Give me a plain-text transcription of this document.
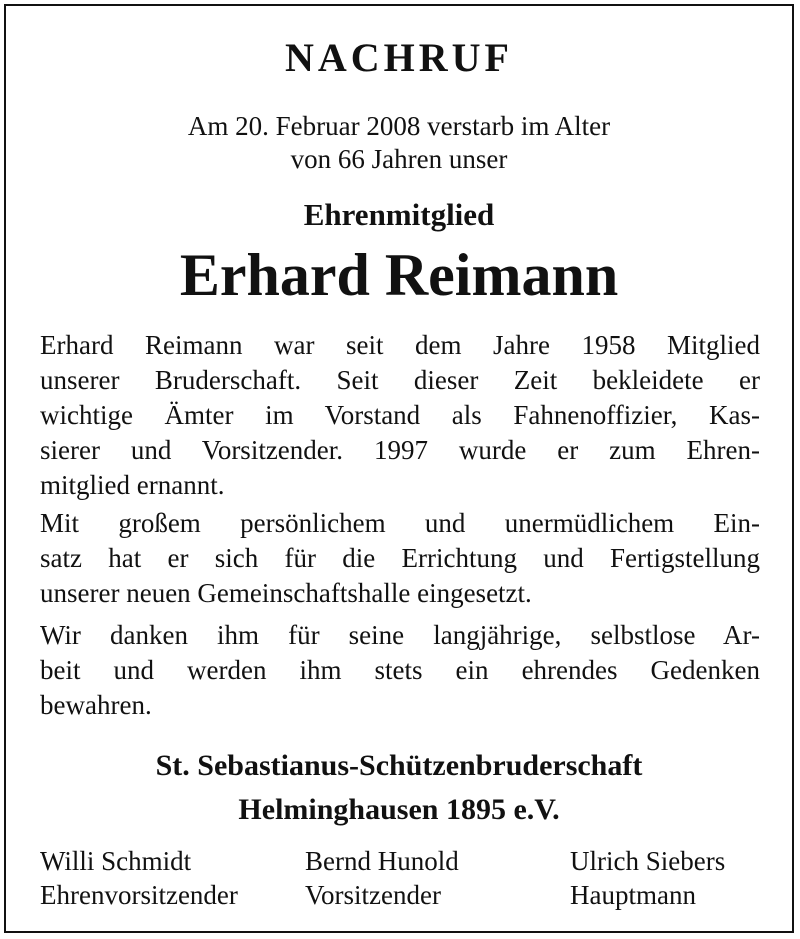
NACHRUF
Am 20. Februar 2008 verstarb im Alter
von 66 Jahren unser
Ehrenmitglied
Erhard Reimann
Erhard Reimann war seit dem Jahre 1958 Mitglied
unserer Bruderschaft. Seit dieser Zeit bekleidete er
wichtige Ämter im Vorstand als Fahnenoffizier, Kas-
sierer und Vorsitzender. 1997 wurde er zum Ehren-
mitglied ernannt.
Mit großem persönlichem und unermüdlichem Ein-
satz hat er sich für die Errichtung und Fertigstellung
unserer neuen Gemeinschaftshalle eingesetzt.
Wir danken ihm für seine langjährige, selbstlose Ar-
beit und werden ihm stets ein ehrendes Gedenken
bewahren.
St. Sebastianus-Schützenbruderschaft
Helminghausen 1895 e.V.
Willi Schmidt
Ehrenvorsitzender
Bernd Hunold
Vorsitzender
Ulrich Siebers
Hauptmann
